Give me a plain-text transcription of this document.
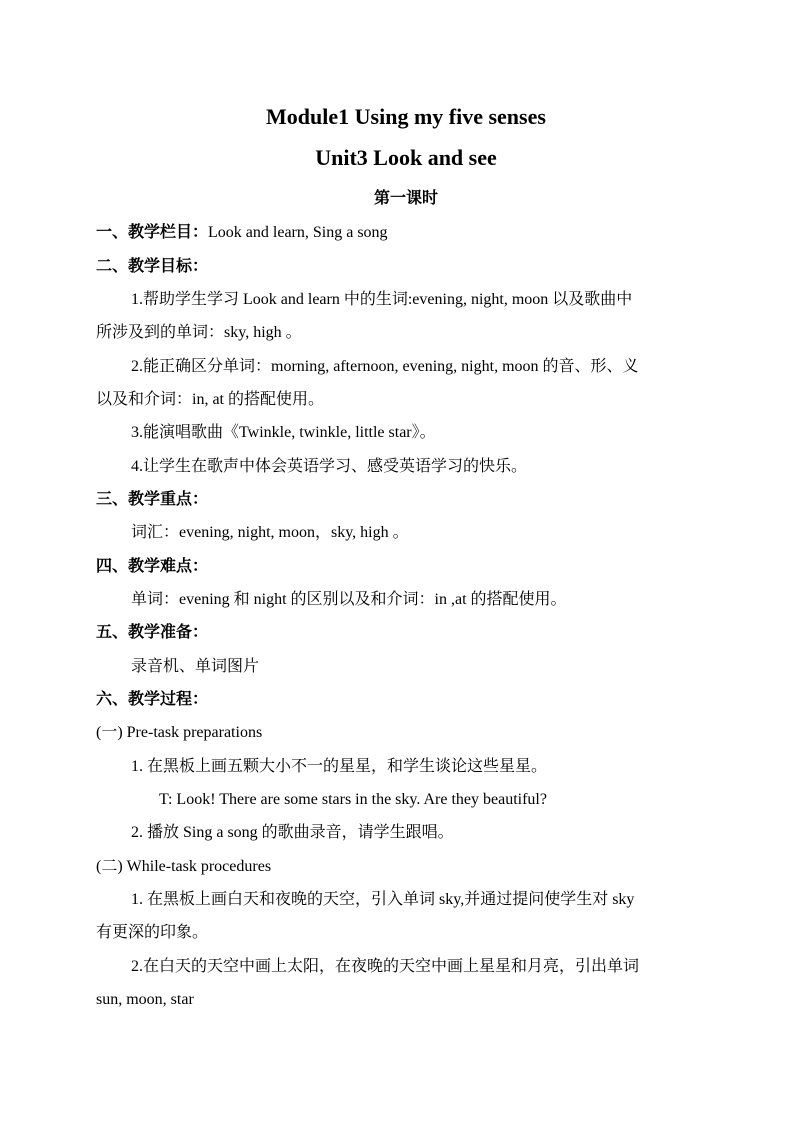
Module1 Using my five senses
Unit3 Look and see
第一课时
一、教学栏目：Look and learn, Sing a song
二、教学目标：
1.帮助学生学习 Look and learn 中的生词:evening, night, moon 以及歌曲中
所涉及到的单词：sky, high 。
2.能正确区分单词：morning, afternoon, evening, night, moon 的音、形、义
以及和介词：in, at 的搭配使用。
3.能演唱歌曲《Twinkle, twinkle, little star》。
4.让学生在歌声中体会英语学习、感受英语学习的快乐。
三、教学重点：
词汇：evening, night, moon，sky, high 。
四、教学难点：
单词：evening 和 night 的区别以及和介词：in ,at 的搭配使用。
五、教学准备：
录音机、单词图片
六、教学过程：
(一) Pre-task preparations
1. 在黑板上画五颗大小不一的星星，和学生谈论这些星星。
T: Look! There are some stars in the sky. Are they beautiful?
2. 播放 Sing a song 的歌曲录音，请学生跟唱。
(二) While-task procedures
1. 在黑板上画白天和夜晚的天空，引入单词 sky,并通过提问使学生对 sky
有更深的印象。
2.在白天的天空中画上太阳，在夜晚的天空中画上星星和月亮，引出单词
sun, moon, star
